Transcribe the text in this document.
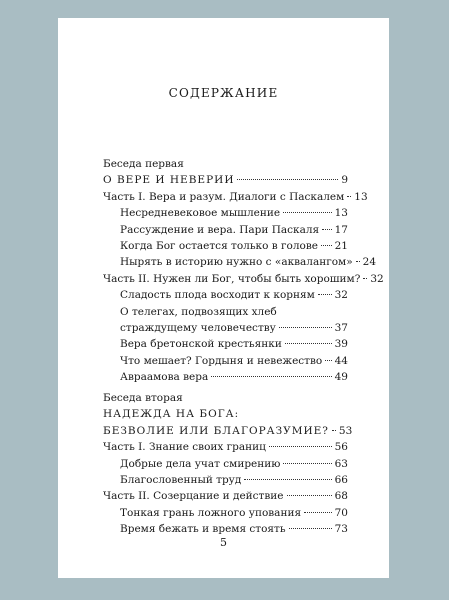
СОДЕРЖАНИЕ
Беседа первая
О ВЕРЕ И НЕВЕРИИ	9
Часть I. Вера и разум. Диалоги с Паскалем 13
Несредневековое мышление	13
Рассуждение и вера. Пари Паскаля 17
Когда Бог остается только в голове 21
Нырять в историю нужно с «аквалангом» 24
Часть II. Нужен ли Бог, чтобы быть хорошим? 32
Сладость плода восходит к корням 32
О телегах, подвозящих хлеб
страждущему человечеству	37
Вера бретонской крестьянки	39
Что мешает? Гордыня и невежество 44
Авраамова вера	49
Беседа вторая
НАДЕЖДА НА БОГА:
БЕЗВОЛИЕ ИЛИ БЛАГОРАЗУМИЕ? 53
Часть I. Знание своих границ	56
Добрые дела учат смирению	63
Благословенный труд	66
Часть II. Созерцание и действие	68
Тонкая грань ложного упования	70
Время бежать и время стоять	73
5
